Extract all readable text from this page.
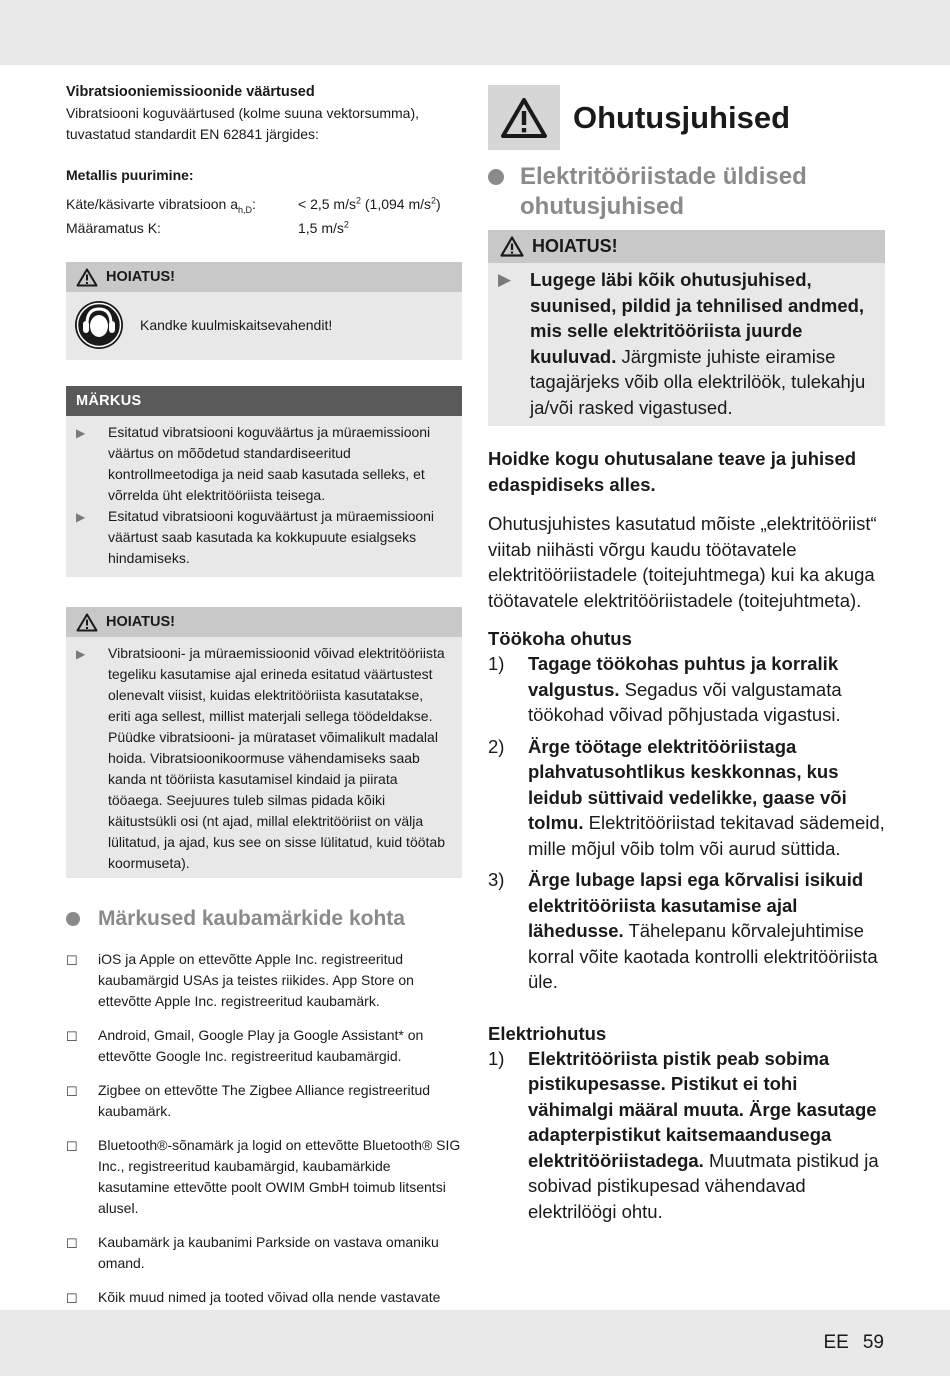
Vibratsiooniemissioonide väärtused
Vibratsiooni koguväärtused (kolme suuna vektorsumma), tuvastatud standardit EN 62841 järgides:
Metallis puurimine:
Käte/käsivarte vibratsioon $a_{h,D}$:	< 2,5 $m/s^2$ (1,094 $m/s^2$)
Määramatus K:	1,5 $m/s^2$
HOIATUS!
Kandke kuulmiskaitsevahendit!
MÄRKUS
▶	Esitatud vibratsiooni koguväärtus ja müraemissiooni väärtus on mõõdetud standardiseeritud kontrollmeetodiga ja neid saab kasutada selleks, et võrrelda üht elektritööriista teisega.
▶	Esitatud vibratsiooni koguväärtust ja müraemissiooni väärtust saab kasutada ka kokkupuute esialgseks hindamiseks.
HOIATUS!
▶	Vibratsiooni- ja müraemissioonid võivad elektritööriista tegeliku kasutamise ajal erineda esitatud väärtustest olenevalt viisist, kuidas elektritööriista kasutatakse, eriti aga sellest, millist materjali sellega töödeldakse. Püüdke vibratsiooni- ja mürataset võimalikult madalal hoida. Vibratsioonikoormuse vähendamiseks saab kanda nt tööriista kasutamisel kindaid ja piirata tööaega. Seejuures tuleb silmas pidada kõiki käitustsükli osi (nt ajad, millal elektritööriist on välja lülitatud, ja ajad, kus see on sisse lülitatud, kuid töötab koormuseta).
Märkused kaubamärkide kohta
☐	iOS ja Apple on ettevõtte Apple Inc. registreeritud kaubamärgid USAs ja teistes riikides. App Store on ettevõtte Apple Inc. registreeritud kaubamärk.
☐	Android, Gmail, Google Play ja Google Assistant* on ettevõtte Google Inc. registreeritud kaubamärgid.
☐	Zigbee on ettevõtte The Zigbee Alliance registreeritud kaubamärk.
☐	Bluetooth®-sõnamärk ja logid on ettevõtte Bluetooth® SIG Inc., registreeritud kaubamärgid, kaubamärkide kasutamine ettevõtte poolt OWIM GmbH toimub litsentsi alusel.
☐	Kaubamärk ja kaubanimi Parkside on vastava omaniku omand.
☐	Kõik muud nimed ja tooted võivad olla nende vastavate
Ohutusjuhised
Elektritööriistade üldised ohutusjuhised
HOIATUS!
▶	Lugege läbi kõik ohutusjuhised, suunised, pildid ja tehnilised andmed, mis selle elektritööriista juurde kuuluvad. Järgmiste juhiste eiramise tagajärjeks võib olla elektrilöök, tulekahju ja/või rasked vigastused.
Hoidke kogu ohutusalane teave ja juhised edaspidiseks alles.
Ohutusjuhistes kasutatud mõiste „elektritööriist“ viitab niihästi võrgu kaudu töötavatele elektritööriistadele (toitejuhtmega) kui ka akuga töötavatele elektritööriistadele (toitejuhtmeta).
Töökoha ohutus
1)	Tagage töökohas puhtus ja korralik valgustus. Segadus või valgustamata töökohad võivad põhjustada vigastusi.
2)	Ärge töötage elektritööriistaga plahvatusohtlikus keskkonnas, kus leidub süttivaid vedelikke, gaase või tolmu. Elektritööriistad tekitavad sädemeid, mille mõjul võib tolm või aurud süttida.
3)	Ärge lubage lapsi ega kõrvalisi isikuid elektritööriista kasutamise ajal lähedusse. Tähelepanu kõrvalejuhtimise korral võite kaotada kontrolli elektritööriista üle.
Elektriohutus
1)	Elektritööriista pistik peab sobima pistikupesasse. Pistikut ei tohi vähimalgi määral muuta. Ärge kasutage adapterpistikut kaitsemaandusega elektritööriistadega. Muutmata pistikud ja sobivad pistikupesad vähendavad elektrilöögi ohtu.
EE 59
